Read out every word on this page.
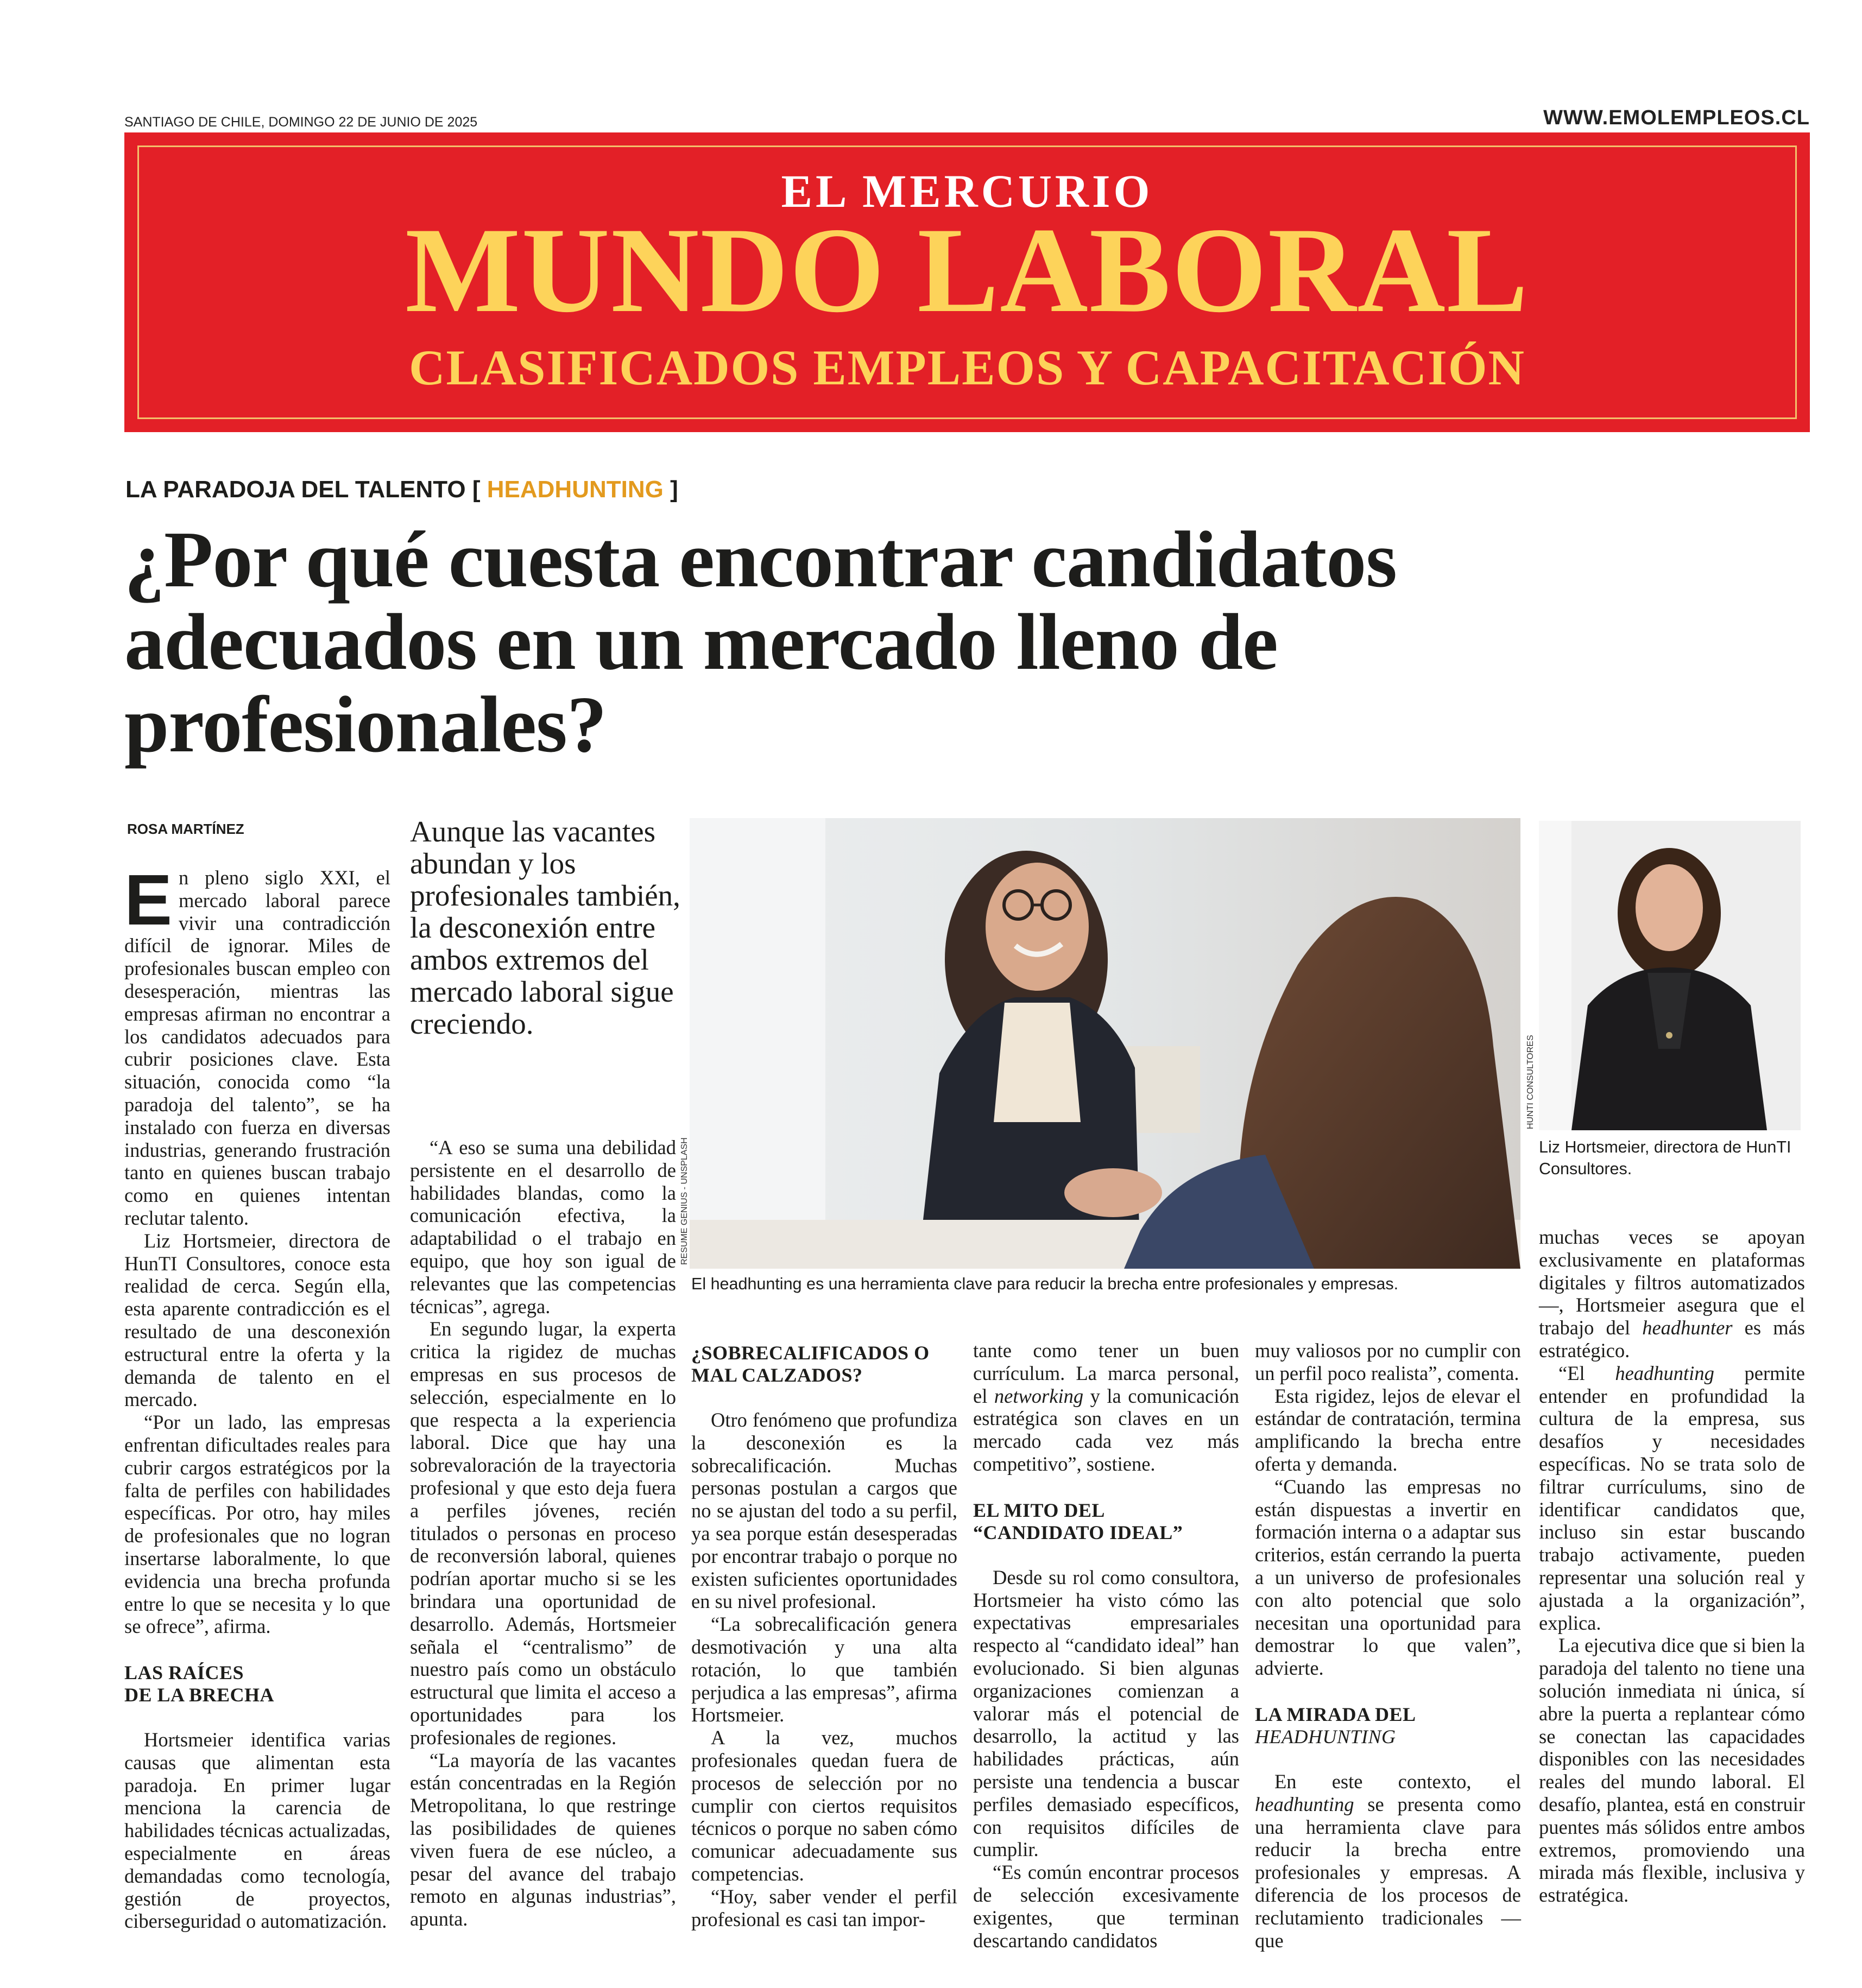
SANTIAGO DE CHILE, DOMINGO 22 DE JUNIO DE 2025	WWW.EMOLEMPLEOS.CL
EL MERCURIO
MUNDO LABORAL
CLASIFICADOS EMPLEOS Y CAPACITACIÓN
LA PARADOJA DEL TALENTO [ HEADHUNTING ]
¿Por qué cuesta encontrar candidatos adecuados en un mercado lleno de profesionales?
ROSA MARTÍNEZ

En pleno siglo XXI, el mercado laboral parece vivir una contradicción difícil de ignorar. Miles de profesionales buscan empleo con desesperación, mientras las empresas afirman no encontrar a los candidatos adecuados para cubrir posiciones clave. Esta situación, conocida como “la paradoja del talento”, se ha instalado con fuerza en diversas industrias, generando frustración tanto en quienes buscan trabajo como en quienes intentan reclutar talento.

Liz Hortsmeier, directora de HunTI Consultores, conoce esta realidad de cerca. Según ella, esta aparente contradicción es el resultado de una desconexión estructural entre la oferta y la demanda de talento en el mercado.

“Por un lado, las empresas enfrentan dificultades reales para cubrir cargos estratégicos por la falta de perfiles con habilidades específicas. Por otro, hay miles de profesionales que no logran insertarse laboralmente, lo que evidencia una brecha profunda entre lo que se necesita y lo que se ofrece”, afirma.

LAS RAÍCES
DE LA BRECHA

Hortsmeier identifica varias causas que alimentan esta paradoja. En primer lugar menciona la carencia de habilidades técnicas actualizadas, especialmente en áreas demandadas como tecnología, gestión de proyectos, ciberseguridad o automatización.

Aunque las vacantes abundan y los profesionales también, la desconexión entre ambos extremos del mercado laboral sigue creciendo.

“A eso se suma una debilidad persistente en el desarrollo de habilidades blandas, como la comunicación efectiva, la adaptabilidad o el trabajo en equipo, que hoy son igual de relevantes que las competencias técnicas”, agrega.

En segundo lugar, la experta critica la rigidez de muchas empresas en sus procesos de selección, especialmente en lo que respecta a la experiencia laboral. Dice que hay una sobrevaloración de la trayectoria profesional y que esto deja fuera a perfiles jóvenes, recién titulados o personas en proceso de reconversión laboral, quienes podrían aportar mucho si se les brindara una oportunidad de desarrollo. Además, Hortsmeier señala el “centralismo” de nuestro país como un obstáculo estructural que limita el acceso a oportunidades para los profesionales de regiones.

“La mayoría de las vacantes están concentradas en la Región Metropolitana, lo que restringe las posibilidades de quienes viven fuera de ese núcleo, a pesar del avance del trabajo remoto en algunas industrias”, apunta.

RESUME GENIUS - UNSPLASH
El headhunting es una herramienta clave para reducir la brecha entre profesionales y empresas.
HUNTI CONSULTORES
Liz Hortsmeier, directora de HunTI Consultores.
¿SOBRECALIFICADOS O
MAL CALZADOS?

Otro fenómeno que profundiza la desconexión es la sobrecalificación. Muchas personas postulan a cargos que no se ajustan del todo a su perfil, ya sea porque están desesperadas por encontrar trabajo o porque no existen suficientes oportunidades en su nivel profesional.

“La sobrecalificación genera desmotivación y una alta rotación, lo que también perjudica a las empresas”, afirma Hortsmeier.

A la vez, muchos profesionales quedan fuera de procesos de selección por no cumplir con ciertos requisitos técnicos o porque no saben cómo comunicar adecuadamente sus competencias.

“Hoy, saber vender el perfil profesional es casi tan impor-

tante como tener un buen currículum. La marca personal, el networking y la comunicación estratégica son claves en un mercado cada vez más competitivo”, sostiene.

EL MITO DEL
“CANDIDATO IDEAL”

Desde su rol como consultora, Hortsmeier ha visto cómo las expectativas empresariales respecto al “candidato ideal” han evolucionado. Si bien algunas organizaciones comienzan a valorar más el potencial de desarrollo, la actitud y las habilidades prácticas, aún persiste una tendencia a buscar perfiles demasiado específicos, con requisitos difíciles de cumplir.

“Es común encontrar procesos de selección excesivamente exigentes, que terminan descartando candidatos

muy valiosos por no cumplir con un perfil poco realista”, comenta.

Esta rigidez, lejos de elevar el estándar de contratación, termina amplificando la brecha entre oferta y demanda.

“Cuando las empresas no están dispuestas a invertir en formación interna o a adaptar sus criterios, están cerrando la puerta a un universo de profesionales con alto potencial que solo necesitan una oportunidad para demostrar lo que valen”, advierte.

LA MIRADA DEL
HEADHUNTING

En este contexto, el headhunting se presenta como una herramienta clave para reducir la brecha entre profesionales y empresas. A diferencia de los procesos de reclutamiento tradicionales —que

muchas veces se apoyan exclusivamente en plataformas digitales y filtros automatizados—, Hortsmeier asegura que el trabajo del headhunter es más estratégico.

“El headhunting permite entender en profundidad la cultura de la empresa, sus desafíos y necesidades específicas. No se trata solo de filtrar currículums, sino de identificar candidatos que, incluso sin estar buscando trabajo activamente, pueden representar una solución real y ajustada a la organización”, explica.

La ejecutiva dice que si bien la paradoja del talento no tiene una solución inmediata ni única, sí abre la puerta a replantear cómo se conectan las capacidades disponibles con las necesidades reales del mundo laboral. El desafío, plantea, está en construir puentes más sólidos entre ambos extremos, promoviendo una mirada más flexible, inclusiva y estratégica.
